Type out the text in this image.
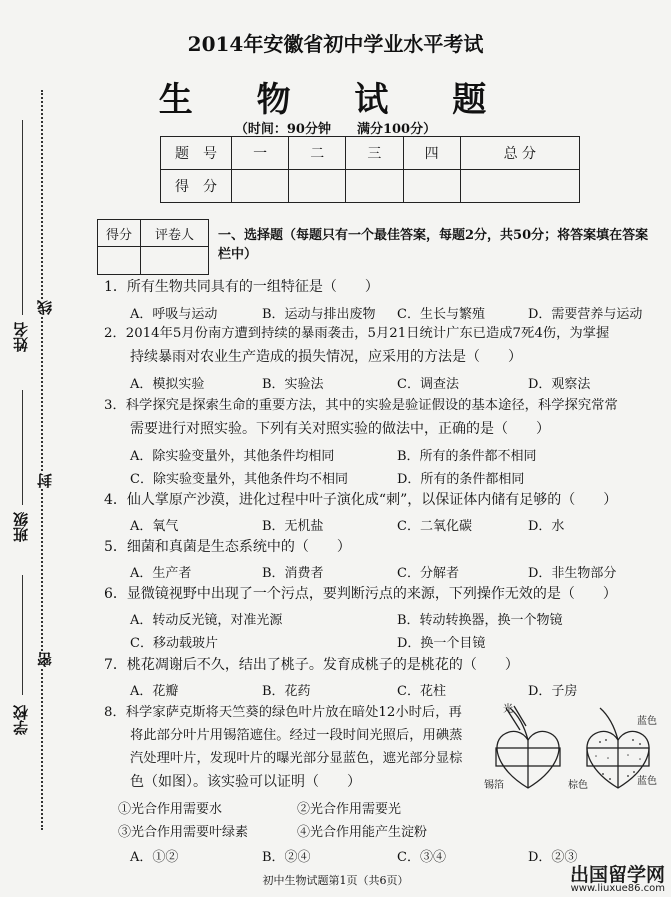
姓名
班级
学校
线
封
密
2014年安徽省初中学业水平考试
生 物 试 题
（时间：90分钟　　满分100分）
题　号	一	二	三	四	总 分
得　分					
得分	评卷人
	一、选择题（每题只有一个最佳答案，每题2分，共50分；将答案填在答案栏中）
1．所有生物共同具有的一组特征是（　　）
A．呼吸与运动	B．运动与排出废物 C．生长与繁殖	D．需要营养与运动
2．2014年5月份南方遭到持续的暴雨袭击，5月21日统计广东已造成7死4伤，为掌握
持续暴雨对农业生产造成的损失情况，应采用的方法是（　　）
A．模拟实验	B．实验法	C．调查法	D．观察法
3．科学探究是探索生命的重要方法，其中的实验是验证假设的基本途径，科学探究常常
需要进行对照实验。下列有关对照实验的做法中，正确的是（　　）
A．除实验变量外，其他条件均相同	B．所有的条件都不相同
C．除实验变量外，其他条件均不相同	D．所有的条件都相同
4．仙人掌原产沙漠，进化过程中叶子演化成“刺”，以保证体内储有足够的（　　）
A．氧气	B．无机盐	C．二氧化碳	D．水
5．细菌和真菌是生态系统中的（　　）
A．生产者	B．消费者	C．分解者	D．非生物部分
6．显微镜视野中出现了一个污点，要判断污点的来源，下列操作无效的是（　　）
A．转动反光镜，对准光源	B．转动转换器，换一个物镜
C．移动载玻片	D．换一个目镜
7．桃花凋谢后不久，结出了桃子。发育成桃子的是桃花的（　　）
A．花瓣	B．花药	C．花柱	D．子房
8．科学家萨克斯将天竺葵的绿色叶片放在暗处12小时后，再
将此部分叶片用锡箔遮住。经过一段时间光照后，用碘蒸
汽处理叶片，发现叶片的曝光部分显蓝色，遮光部分显棕
色（如图）。该实验可以证明（　　）
①光合作用需要水	②光合作用需要光
③光合作用需要叶绿素	④光合作用能产生淀粉
A．①②	B．②④	C．③④	D．②③
光
锡箔
蓝色
棕色	蓝色
初中生物试题第1页（共6页）	出国留学网
www.liuxue86.com
